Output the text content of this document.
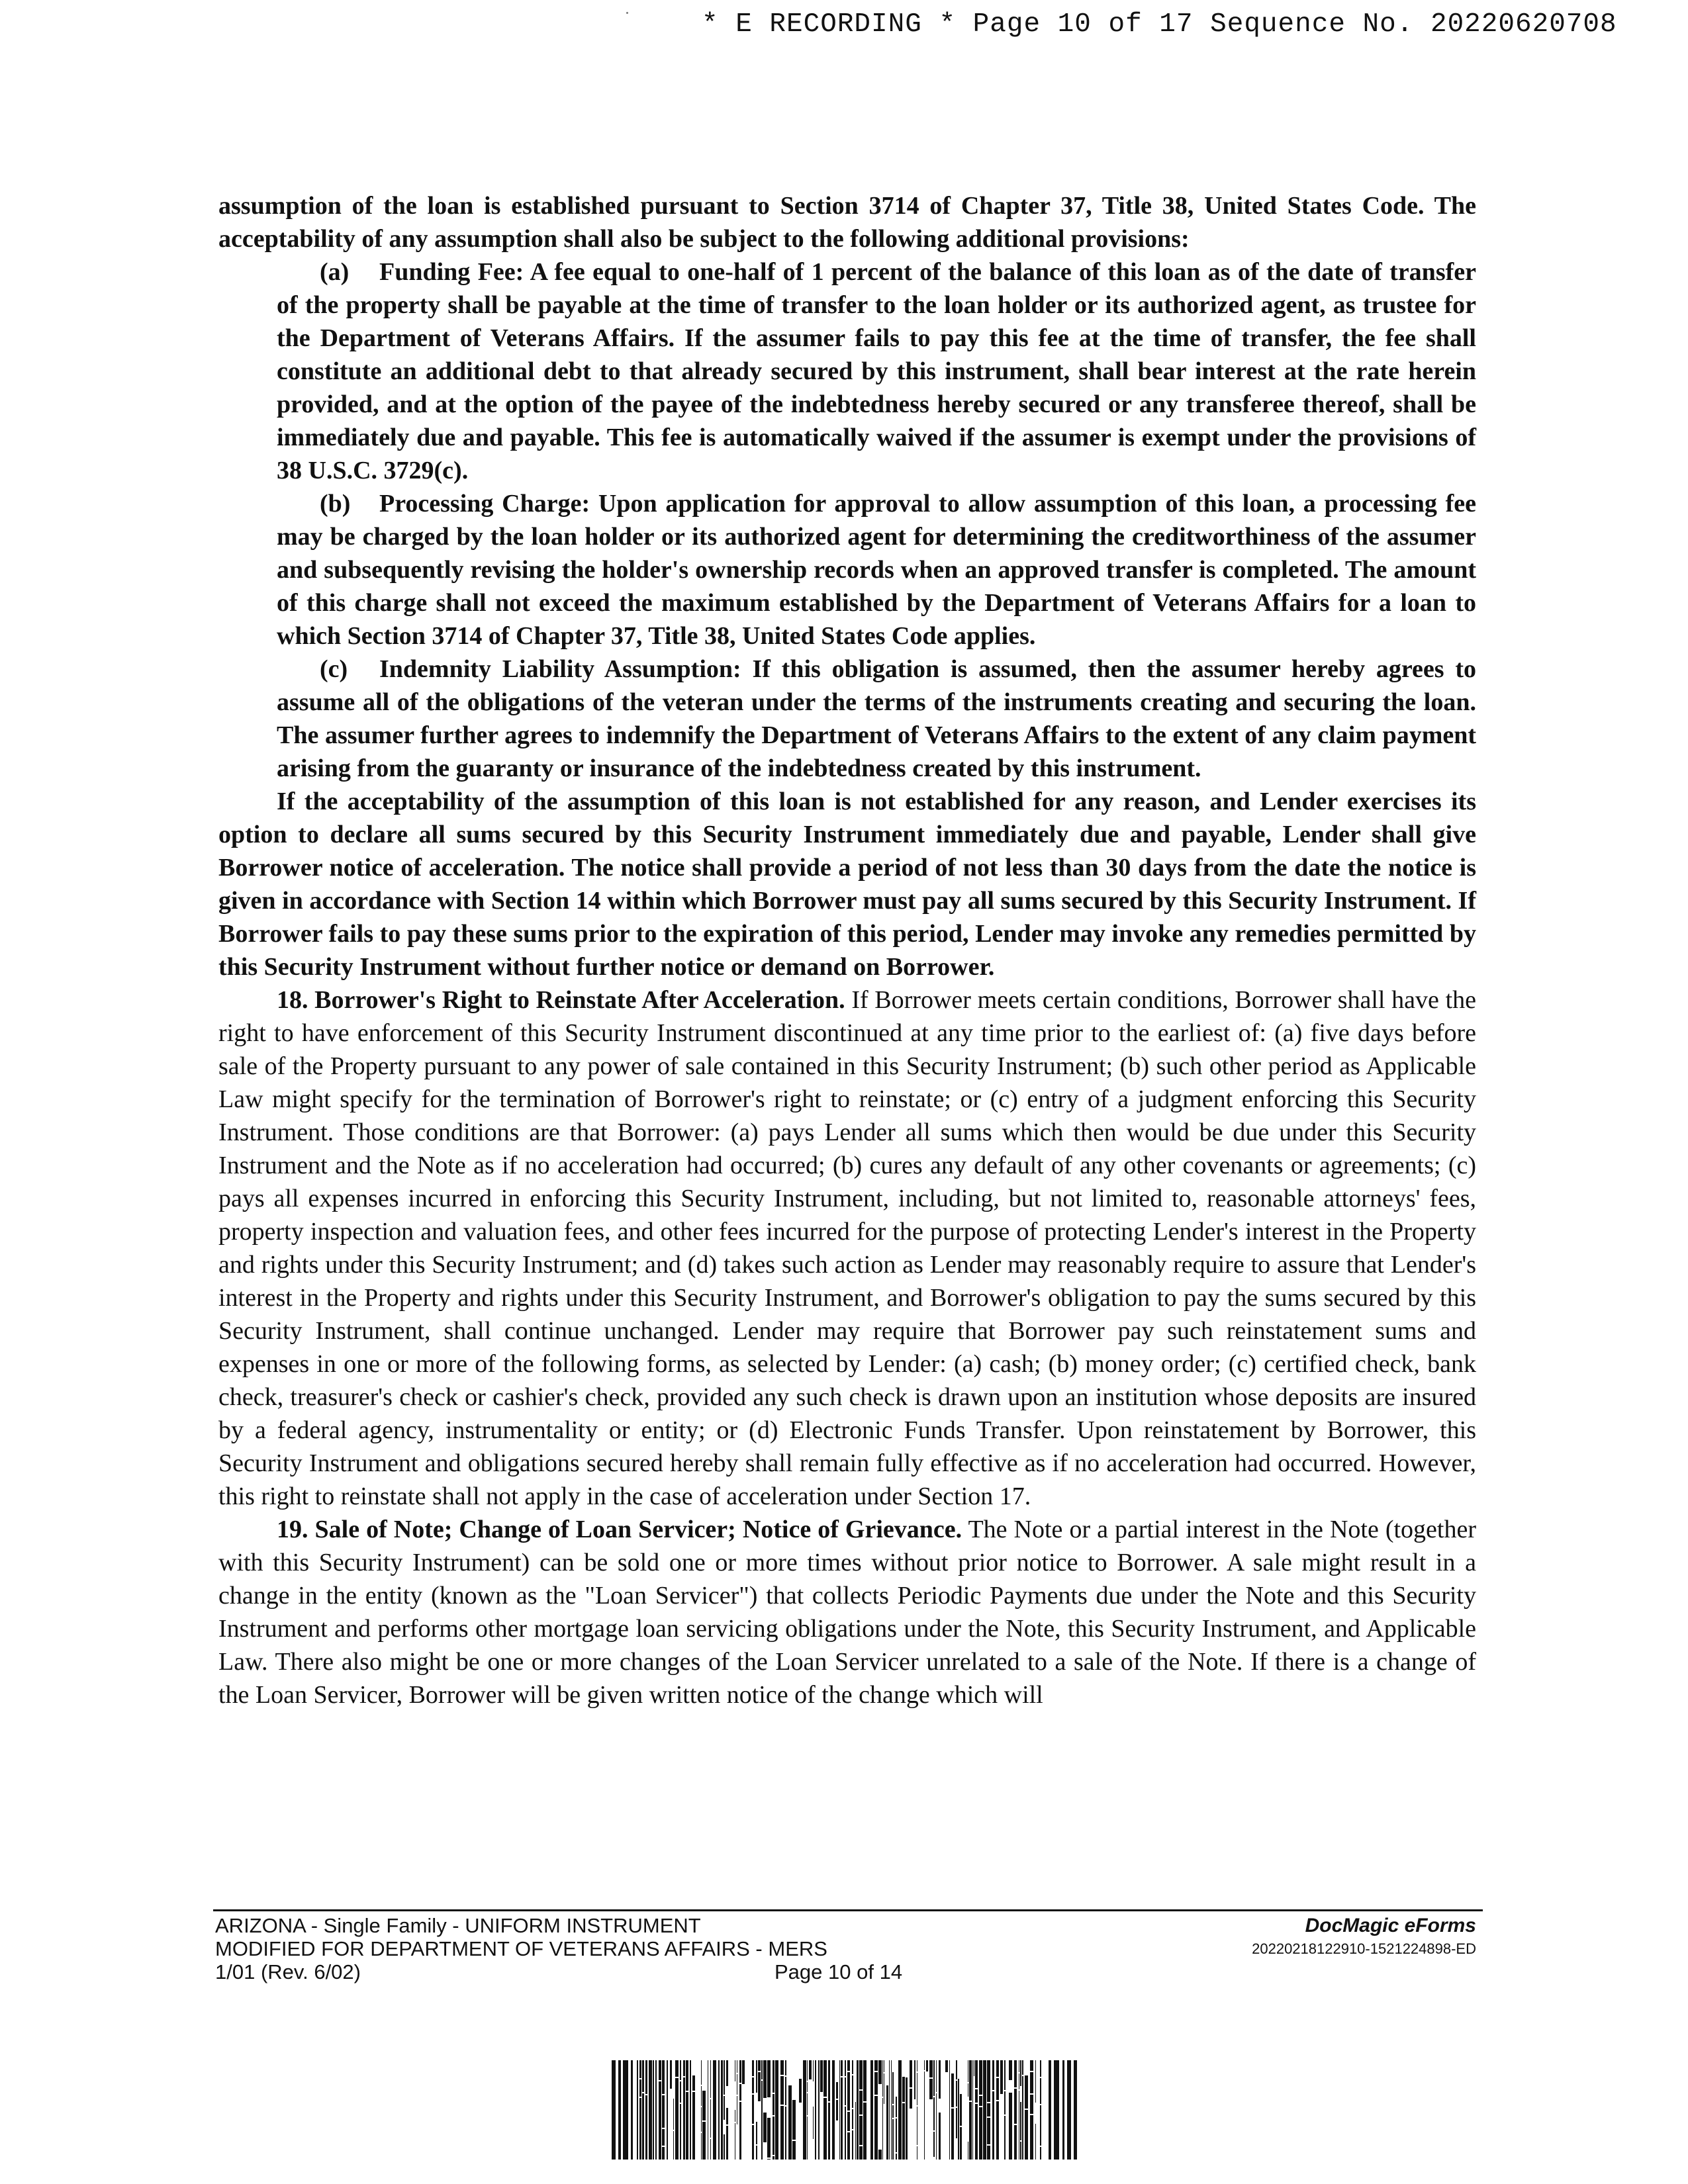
* E RECORDING * Page 10 of 17 Sequence No. 20220620708

assumption of the loan is established pursuant to Section 3714 of Chapter 37, Title 38, United States Code. The acceptability of any assumption shall also be subject to the following additional provisions:

(a) Funding Fee: A fee equal to one-half of 1 percent of the balance of this loan as of the date of transfer of the property shall be payable at the time of transfer to the loan holder or its authorized agent, as trustee for the Department of Veterans Affairs. If the assumer fails to pay this fee at the time of transfer, the fee shall constitute an additional debt to that already secured by this instrument, shall bear interest at the rate herein provided, and at the option of the payee of the indebtedness hereby secured or any transferee thereof, shall be immediately due and payable. This fee is automatically waived if the assumer is exempt under the provisions of 38 U.S.C. 3729(c).

(b) Processing Charge: Upon application for approval to allow assumption of this loan, a processing fee may be charged by the loan holder or its authorized agent for determining the creditworthiness of the assumer and subsequently revising the holder's ownership records when an approved transfer is completed. The amount of this charge shall not exceed the maximum established by the Department of Veterans Affairs for a loan to which Section 3714 of Chapter 37, Title 38, United States Code applies.

(c) Indemnity Liability Assumption: If this obligation is assumed, then the assumer hereby agrees to assume all of the obligations of the veteran under the terms of the instruments creating and securing the loan. The assumer further agrees to indemnify the Department of Veterans Affairs to the extent of any claim payment arising from the guaranty or insurance of the indebtedness created by this instrument.

If the acceptability of the assumption of this loan is not established for any reason, and Lender exercises its option to declare all sums secured by this Security Instrument immediately due and payable, Lender shall give Borrower notice of acceleration. The notice shall provide a period of not less than 30 days from the date the notice is given in accordance with Section 14 within which Borrower must pay all sums secured by this Security Instrument. If Borrower fails to pay these sums prior to the expiration of this period, Lender may invoke any remedies permitted by this Security Instrument without further notice or demand on Borrower.

18. Borrower's Right to Reinstate After Acceleration. If Borrower meets certain conditions, Borrower shall have the right to have enforcement of this Security Instrument discontinued at any time prior to the earliest of: (a) five days before sale of the Property pursuant to any power of sale contained in this Security Instrument; (b) such other period as Applicable Law might specify for the termination of Borrower's right to reinstate; or (c) entry of a judgment enforcing this Security Instrument. Those conditions are that Borrower: (a) pays Lender all sums which then would be due under this Security Instrument and the Note as if no acceleration had occurred; (b) cures any default of any other covenants or agreements; (c) pays all expenses incurred in enforcing this Security Instrument, including, but not limited to, reasonable attorneys' fees, property inspection and valuation fees, and other fees incurred for the purpose of protecting Lender's interest in the Property and rights under this Security Instrument; and (d) takes such action as Lender may reasonably require to assure that Lender's interest in the Property and rights under this Security Instrument, and Borrower's obligation to pay the sums secured by this Security Instrument, shall continue unchanged. Lender may require that Borrower pay such reinstatement sums and expenses in one or more of the following forms, as selected by Lender: (a) cash; (b) money order; (c) certified check, bank check, treasurer's check or cashier's check, provided any such check is drawn upon an institution whose deposits are insured by a federal agency, instrumentality or entity; or (d) Electronic Funds Transfer. Upon reinstatement by Borrower, this Security Instrument and obligations secured hereby shall remain fully effective as if no acceleration had occurred. However, this right to reinstate shall not apply in the case of acceleration under Section 17.

19. Sale of Note; Change of Loan Servicer; Notice of Grievance. The Note or a partial interest in the Note (together with this Security Instrument) can be sold one or more times without prior notice to Borrower. A sale might result in a change in the entity (known as the "Loan Servicer") that collects Periodic Payments due under the Note and this Security Instrument and performs other mortgage loan servicing obligations under the Note, this Security Instrument, and Applicable Law. There also might be one or more changes of the Loan Servicer unrelated to a sale of the Note. If there is a change of the Loan Servicer, Borrower will be given written notice of the change which will

ARIZONA - Single Family - UNIFORM INSTRUMENT
MODIFIED FOR DEPARTMENT OF VETERANS AFFAIRS - MERS
1/01 (Rev. 6/02)	Page 10 of 14
DocMagic eForms
20220218122910-1521224898-ED
